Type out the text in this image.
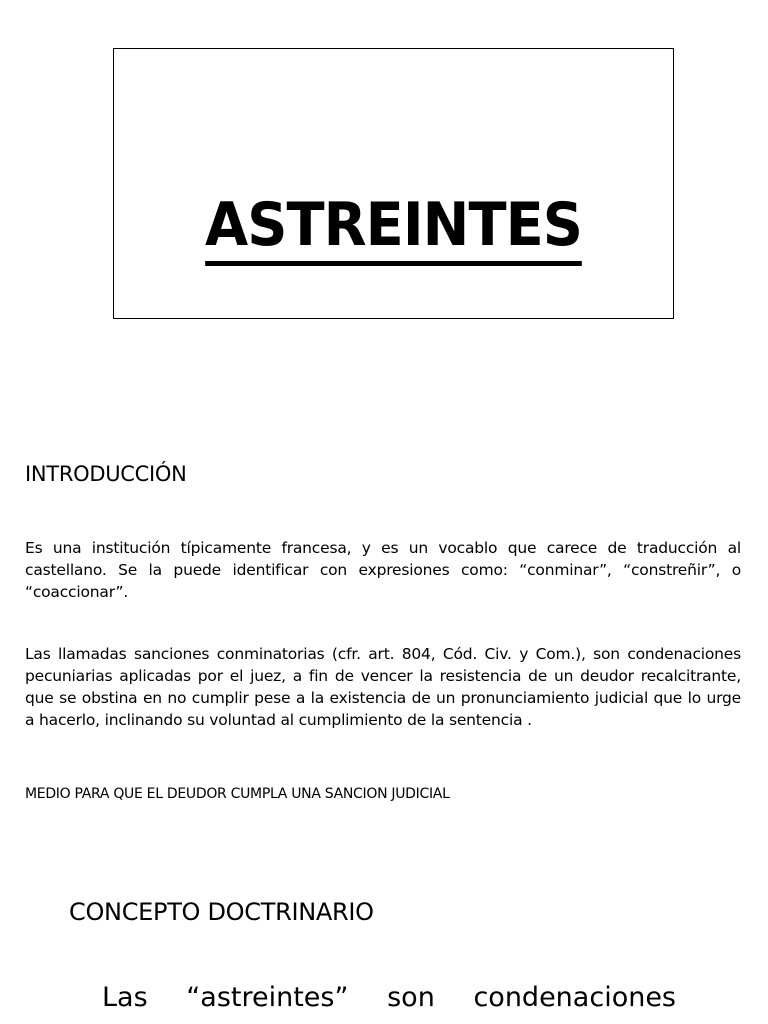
ASTREINTES
INTRODUCCIÓN
Es una institución típicamente francesa, y es un vocablo que carece de traducción al castellano. Se la puede identificar con expresiones como: “conminar”, “constreñir”, o “coaccionar”.
Las llamadas sanciones conminatorias (cfr. art. 804, Cód. Civ. y Com.), son condenaciones pecuniarias aplicadas por el juez, a fin de vencer la resistencia de un deudor recalcitrante, que se obstina en no cumplir pese a la existencia de un pronunciamiento judicial que lo urge a hacerlo, inclinando su voluntad al cumplimiento de la sentencia .
MEDIO PARA QUE EL DEUDOR CUMPLA UNA SANCION JUDICIAL
CONCEPTO DOCTRINARIO
Las “astreintes” son condenaciones
